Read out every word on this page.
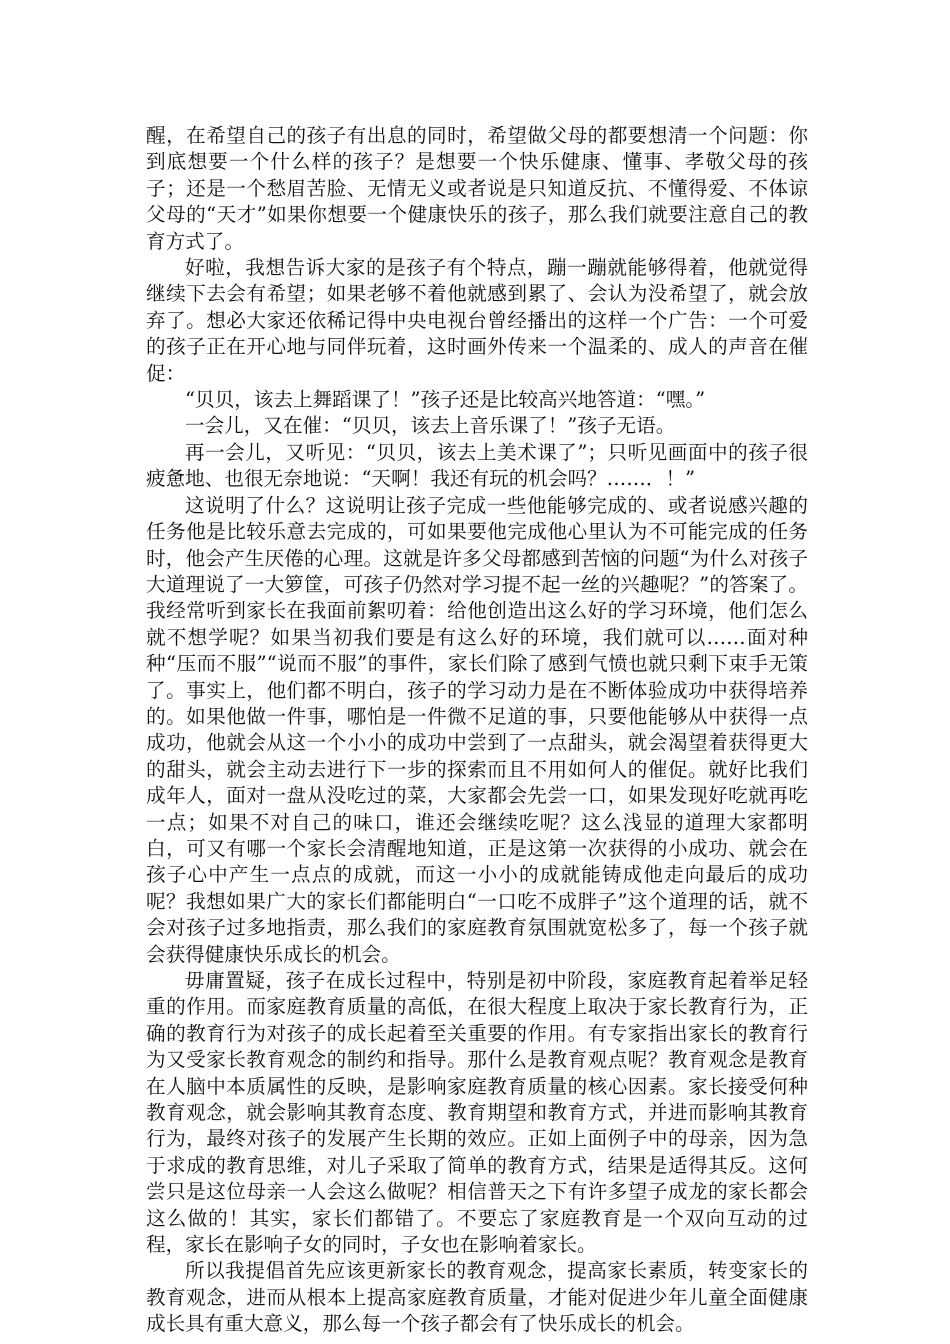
醒，在希望自己的孩子有出息的同时，希望做父母的都要想清一个问题：你到底想要一个什么样的孩子？是想要一个快乐健康、懂事、孝敬父母的孩子；还是一个愁眉苦脸、无情无义或者说是只知道反抗、不懂得爱、不体谅父母的“天才”如果你想要一个健康快乐的孩子，那么我们就要注意自己的教育方式了。

好啦，我想告诉大家的是孩子有个特点，蹦一蹦就能够得着，他就觉得继续下去会有希望；如果老够不着他就感到累了、会认为没希望了，就会放弃了。想必大家还依稀记得中央电视台曾经播出的这样一个广告：一个可爱的孩子正在开心地与同伴玩着，这时画外传来一个温柔的、成人的声音在催促：

“贝贝，该去上舞蹈课了！”孩子还是比较高兴地答道：“嘿。”

一会儿，又在催：“贝贝，该去上音乐课了！”孩子无语。

再一会儿，又听见：“贝贝，该去上美术课了”；只听见画面中的孩子很疲惫地、也很无奈地说：“天啊！我还有玩的机会吗？……．！”

这说明了什么？这说明让孩子完成一些他能够完成的、或者说感兴趣的任务他是比较乐意去完成的，可如果要他完成他心里认为不可能完成的任务时，他会产生厌倦的心理。这就是许多父母都感到苦恼的问题“为什么对孩子大道理说了一大箩筐，可孩子仍然对学习提不起一丝的兴趣呢？”的答案了。我经常听到家长在我面前絮叨着：给他创造出这么好的学习环境，他们怎么就不想学呢？如果当初我们要是有这么好的环境，我们就可以……面对种种“压而不服”“说而不服”的事件，家长们除了感到气愤也就只剩下束手无策了。事实上，他们都不明白，孩子的学习动力是在不断体验成功中获得培养的。如果他做一件事，哪怕是一件微不足道的事，只要他能够从中获得一点成功，他就会从这一个小小的成功中尝到了一点甜头，就会渴望着获得更大的甜头，就会主动去进行下一步的探索而且不用如何人的催促。就好比我们成年人，面对一盘从没吃过的菜，大家都会先尝一口，如果发现好吃就再吃一点；如果不对自己的味口，谁还会继续吃呢？这么浅显的道理大家都明白，可又有哪一个家长会清醒地知道，正是这第一次获得的小成功、就会在孩子心中产生一点点的成就，而这一小小的成就能铸成他走向最后的成功呢？我想如果广大的家长们都能明白“一口吃不成胖子”这个道理的话，就不会对孩子过多地指责，那么我们的家庭教育氛围就宽松多了，每一个孩子就会获得健康快乐成长的机会。

毋庸置疑，孩子在成长过程中，特别是初中阶段，家庭教育起着举足轻重的作用。而家庭教育质量的高低，在很大程度上取决于家长教育行为，正确的教育行为对孩子的成长起着至关重要的作用。有专家指出家长的教育行为又受家长教育观念的制约和指导。那什么是教育观点呢？教育观念是教育在人脑中本质属性的反映，是影响家庭教育质量的核心因素。家长接受何种教育观念，就会影响其教育态度、教育期望和教育方式，并进而影响其教育行为，最终对孩子的发展产生长期的效应。正如上面例子中的母亲，因为急于求成的教育思维，对儿子采取了简单的教育方式，结果是适得其反。这何尝只是这位母亲一人会这么做呢？相信普天之下有许多望子成龙的家长都会这么做的！其实，家长们都错了。不要忘了家庭教育是一个双向互动的过程，家长在影响子女的同时，子女也在影响着家长。

所以我提倡首先应该更新家长的教育观念，提高家长素质，转变家长的教育观念，进而从根本上提高家庭教育质量，才能对促进少年儿童全面健康成长具有重大意义，那么每一个孩子都会有了快乐成长的机会。
